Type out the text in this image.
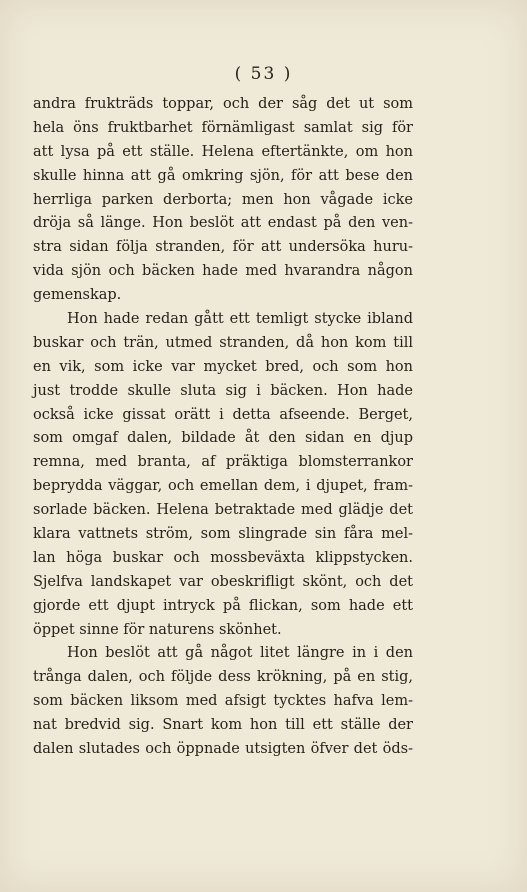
( 53 )
andra frukträds toppar, och der såg det ut som
hela öns fruktbarhet förnämligast samlat sig för
att lysa på ett ställe. Helena eftertänkte, om hon
skulle hinna att gå omkring sjön, för att bese den
herrliga parken derborta; men hon vågade icke
dröja så länge. Hon beslöt att endast på den ven-
stra sidan följa stranden, för att undersöka huru-
vida sjön och bäcken hade med hvarandra någon
gemenskap.
Hon hade redan gått ett temligt stycke ibland
buskar och trän, utmed stranden, då hon kom till
en vik, som icke var mycket bred, och som hon
just trodde skulle sluta sig i bäcken. Hon hade
också icke gissat orätt i detta afseende. Berget,
som omgaf dalen, bildade åt den sidan en djup
remna, med branta, af präktiga blomsterrankor
beprydda väggar, och emellan dem, i djupet, fram-
sorlade bäcken. Helena betraktade med glädje det
klara vattnets ström, som slingrade sin fåra mel-
lan höga buskar och mossbeväxta klippstycken.
Sjelfva landskapet var obeskrifligt skönt, och det
gjorde ett djupt intryck på flickan, som hade ett
öppet sinne för naturens skönhet.
Hon beslöt att gå något litet längre in i den
trånga dalen, och följde dess krökning, på en stig,
som bäcken liksom med afsigt tycktes hafva lem-
nat bredvid sig. Snart kom hon till ett ställe der
dalen slutades och öppnade utsigten öfver det öds-
